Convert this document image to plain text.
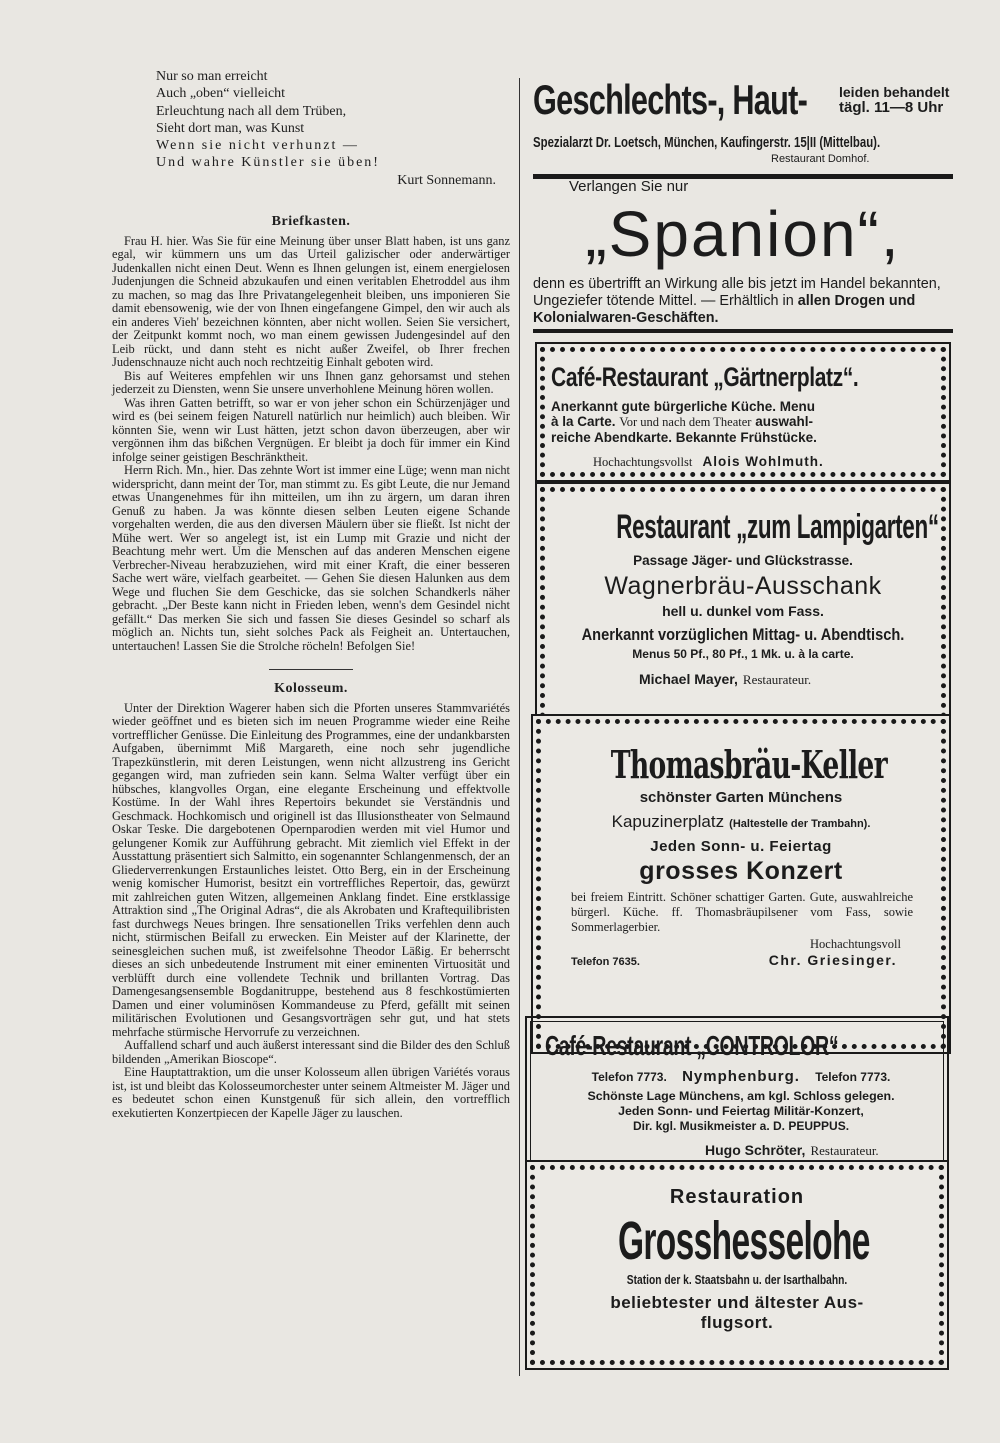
Nur so man erreicht
Auch „oben“ vielleicht
Erleuchtung nach all dem Trüben,
Sieht dort man, was Kunst
Wenn sie nicht verhunzt —
Und wahre Künstler sie üben!
Kurt Sonnemann.
Briefkasten.

Frau H. hier. Was Sie für eine Meinung über unser Blatt haben, ist uns ganz egal, wir kümmern uns um das Urteil galizischer oder anderwärtiger Judenkallen nicht einen Deut. Wenn es Ihnen gelungen ist, einem energielosen Judenjungen die Schneid abzukaufen und einen veritablen Ehetroddel aus ihm zu machen, so mag das Ihre Privatangelegenheit bleiben, uns imponieren Sie damit ebensowenig, wie der von Ihnen eingefangene Gimpel, den wir auch als ein anderes Vieh' bezeichnen könnten, aber nicht wollen. Seien Sie versichert, der Zeitpunkt kommt noch, wo man einem gewissen Judengesindel auf den Leib rückt, und dann steht es nicht außer Zweifel, ob Ihrer frechen Judenschnauze nicht auch noch rechtzeitig Einhalt geboten wird.

Bis auf Weiteres empfehlen wir uns Ihnen ganz gehorsamst und stehen jederzeit zu Diensten, wenn Sie unsere unverhohlene Meinung hören wollen.

Was ihren Gatten betrifft, so war er von jeher schon ein Schürzenjäger und wird es (bei seinem feigen Naturell natürlich nur heimlich) auch bleiben. Wir könnten Sie, wenn wir Lust hätten, jetzt schon davon überzeugen, aber wir vergönnen ihm das bißchen Vergnügen. Er bleibt ja doch für immer ein Kind infolge seiner geistigen Beschränktheit.

Herrn Rich. Mn., hier. Das zehnte Wort ist immer eine Lüge; wenn man nicht widerspricht, dann meint der Tor, man stimmt zu. Es gibt Leute, die nur Jemand etwas Unangenehmes für ihn mitteilen, um ihn zu ärgern, um daran ihren Genuß zu haben. Ja was könnte diesen selben Leuten eigene Schande vorgehalten werden, die aus den diversen Mäulern über sie fließt. Ist nicht der Mühe wert. Wer so angelegt ist, ist ein Lump mit Grazie und nicht der Beachtung mehr wert. Um die Menschen auf das anderen Menschen eigene Verbrecher-Niveau herabzuziehen, wird mit einer Kraft, die einer besseren Sache wert wäre, vielfach gearbeitet. — Gehen Sie diesen Halunken aus dem Wege und fluchen Sie dem Geschicke, das sie solchen Schandkerls näher gebracht. „Der Beste kann nicht in Frieden leben, wenn's dem Gesindel nicht gefällt.“ Das merken Sie sich und fassen Sie dieses Gesindel so scharf als möglich an. Nichts tun, sieht solches Pack als Feigheit an. Untertauchen, untertauchen! Lassen Sie die Strolche röcheln! Befolgen Sie!

Kolosseum.

Unter der Direktion Wagerer haben sich die Pforten unseres Stammvariétés wieder geöffnet und es bieten sich im neuen Programme wieder eine Reihe vortrefflicher Genüsse. Die Einleitung des Programmes, eine der undankbarsten Aufgaben, übernimmt Miß Margareth, eine noch sehr jugendliche Trapezkünstlerin, mit deren Leistungen, wenn nicht allzustreng ins Gericht gegangen wird, man zufrieden sein kann. Selma Walter verfügt über ein hübsches, klangvolles Organ, eine elegante Erscheinung und effektvolle Kostüme. In der Wahl ihres Repertoirs bekundet sie Verständnis und Geschmack. Hochkomisch und originell ist das Illusionstheater von Selmaund Oskar Teske. Die dargebotenen Opernparodien werden mit viel Humor und gelungener Komik zur Aufführung gebracht. Mit ziemlich viel Effekt in der Ausstattung präsentiert sich Salmitto, ein sogenannter Schlangenmensch, der an Gliederverrenkungen Erstaunliches leistet. Otto Berg, ein in der Erscheinung wenig komischer Humorist, besitzt ein vortreffliches Repertoir, das, gewürzt mit zahlreichen guten Witzen, allgemeinen Anklang findet. Eine erstklassige Attraktion sind „The Original Adras“, die als Akrobaten und Kraftequilibristen fast durchwegs Neues bringen. Ihre sensationellen Triks verfehlen denn auch nicht, stürmischen Beifall zu erwecken. Ein Meister auf der Klarinette, der seinesgleichen suchen muß, ist zweifelsohne Theodor Läßig. Er beherrscht dieses an sich unbedeutende Instrument mit einer eminenten Virtuosität und verblüfft durch eine vollendete Technik und brillanten Vortrag. Das Damengesangsensemble Bogdanitruppe, bestehend aus 8 feschkostümierten Damen und einer voluminösen Kommandeuse zu Pferd, gefällt mit seinen militärischen Evolutionen und Gesangsvorträgen sehr gut, und hat stets mehrfache stürmische Hervorrufe zu verzeichnen.

Auffallend scharf und auch äußerst interessant sind die Bilder des den Schluß bildenden „Amerikan Bioscope“.

Eine Hauptattraktion, um die unser Kolosseum allen übrigen Variétés voraus ist, ist und bleibt das Kolosseumorchester unter seinem Altmeister M. Jäger und es bedeutet schon einen Kunstgenuß für sich allein, den vortrefflich exekutierten Konzertpiecen der Kapelle Jäger zu lauschen.

Geschlechts-, Haut- leiden behandelt
tägl. 11—8 Uhr
Spezialarzt Dr. Loetsch, München, Kaufingerstr. 15|II (Mittelbau).
Restaurant Domhof.
Verlangen Sie nur
„Spanion“,
denn es übertrifft an Wirkung alle bis jetzt im Handel bekannten, Ungeziefer tötende Mittel. — Erhältlich in allen Drogen und Kolonialwaren-Geschäften.
Café-Restaurant „Gärtnerplatz“.
Anerkannt gute bürgerliche Küche. Menu
à la Carte. Vor und nach dem Theater auswahl-
reiche Abendkarte. Bekannte Frühstücke.
Hochachtungsvollst Alois Wohlmuth.
Restaurant „zum Lampigarten“
Passage Jäger- und Glückstrasse.
Wagnerbräu-Ausschank
hell u. dunkel vom Fass.
Anerkannt vorzüglichen Mittag- u. Abendtisch.
Menus 50 Pf., 80 Pf., 1 Mk. u. à la carte.
Michael Mayer, Restaurateur.
Thomasbräu-Keller
schönster Garten Münchens
Kapuzinerplatz (Haltestelle der Trambahn).
Jeden Sonn- u. Feiertag
grosses Konzert
bei freiem Eintritt. Schöner schattiger Garten. Gute, auswahlreiche bürgerl. Küche. ff. Thomasbräupilsener vom Fass, sowie Sommerlagerbier.
Hochachtungsvoll
Telefon 7635.	Chr. Griesinger.
Café-Restaurant „CONTROLOR“
Telefon 7773. Nymphenburg. Telefon 7773.
Schönste Lage Münchens, am kgl. Schloss gelegen.
Jeden Sonn- und Feiertag Militär-Konzert,
Dir. kgl. Musikmeister a. D. PEUPPUS.
Hugo Schröter, Restaurateur.
Restauration
Grosshesselohe
Station der k. Staatsbahn u. der Isarthalbahn.
beliebtester und ältester Aus-
flugsort.
